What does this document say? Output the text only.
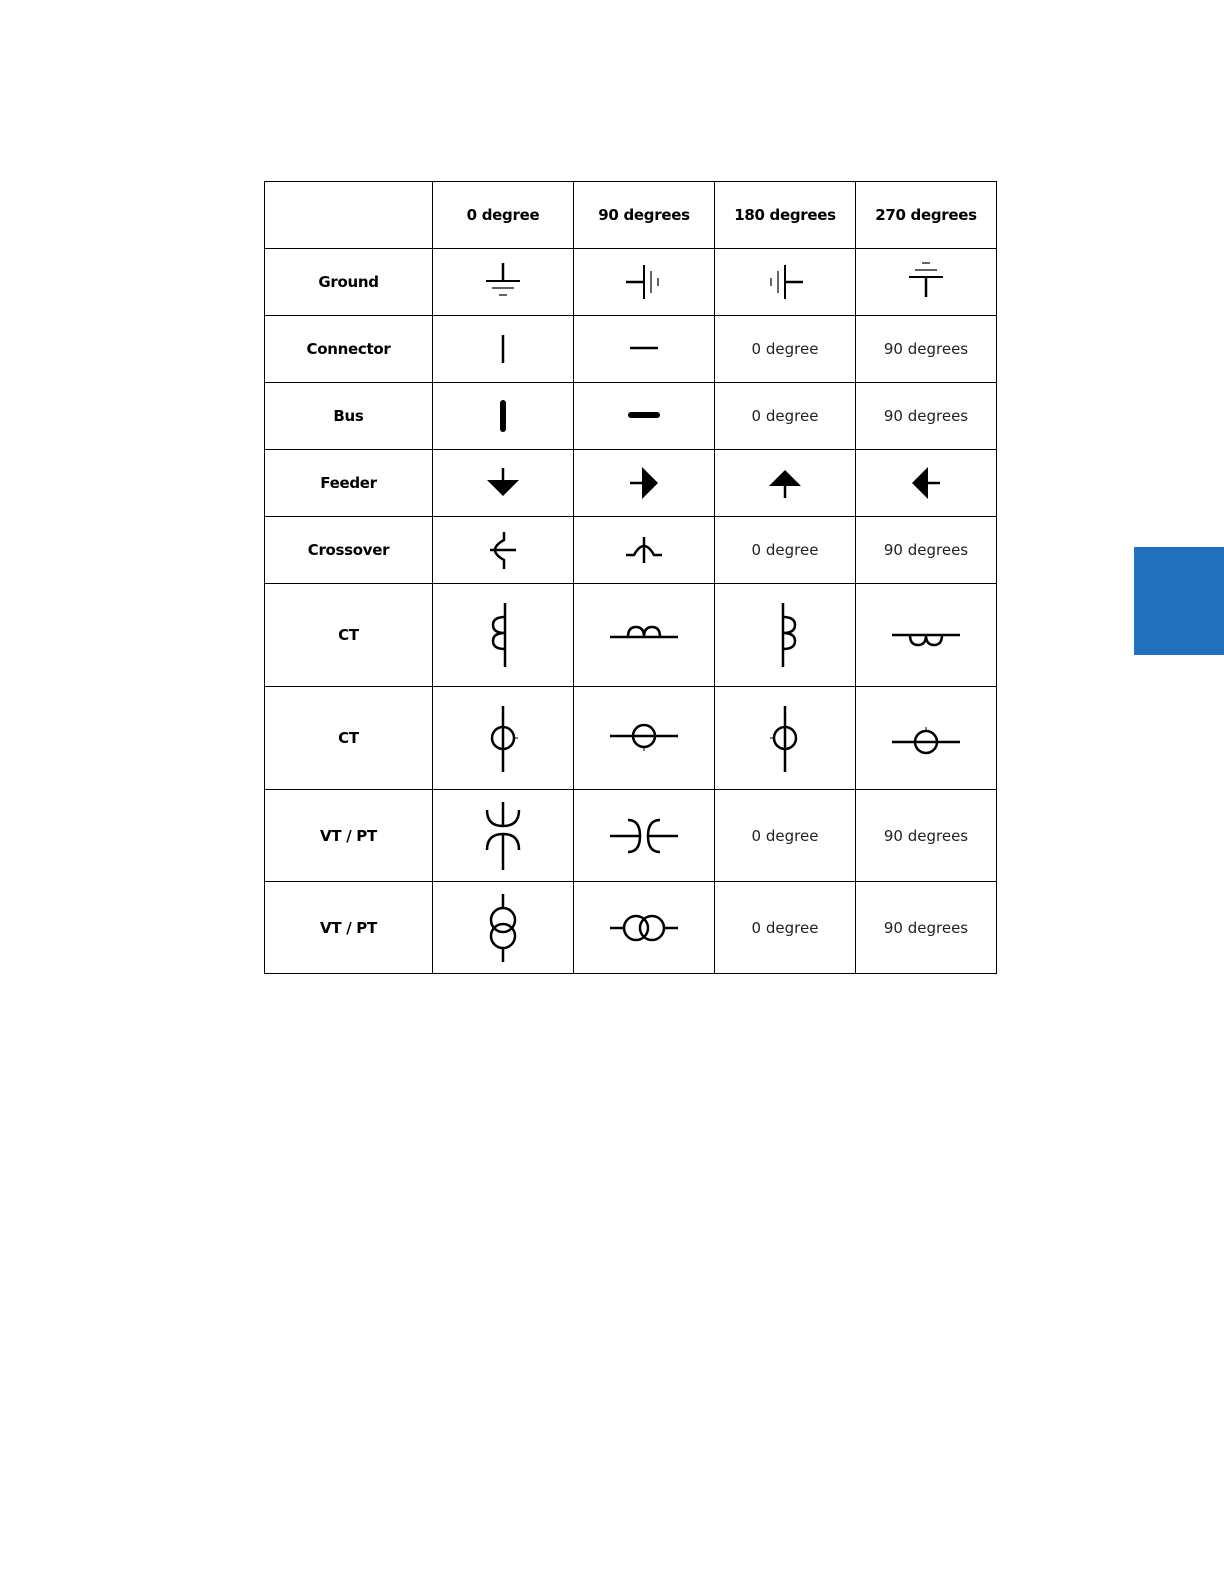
	0 degree	90 degrees	180 degrees	270 degrees
Ground	

Connector			0 degree	90 degrees
Bus			0 degree	90 degrees
Feeder	

Crossover			0 degree	90 degrees
CT	

CT	

VT / PT			0 degree	90 degrees
VT / PT			0 degree	90 degrees
